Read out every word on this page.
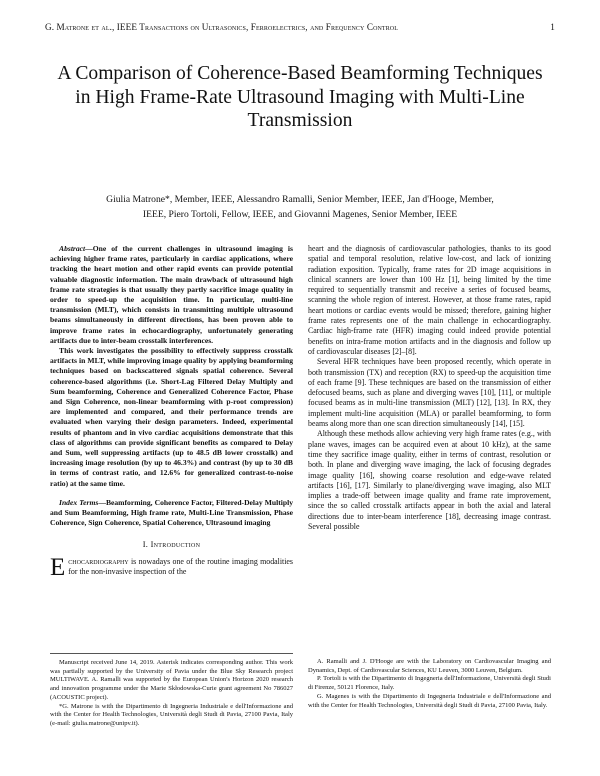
G. Matrone et al., IEEE Transactions on Ultrasonics, Ferroelectrics, and Frequency Control	1
A Comparison of Coherence-Based Beamforming Techniques in High Frame-Rate Ultrasound Imaging with Multi-Line Transmission
Giulia Matrone*, Member, IEEE, Alessandro Ramalli, Senior Member, IEEE, Jan d'Hooge, Member, IEEE, Piero Tortoli, Fellow, IEEE, and Giovanni Magenes, Senior Member, IEEE

Abstract—One of the current challenges in ultrasound imaging is achieving higher frame rates, particularly in cardiac applications, where tracking the heart motion and other rapid events can provide potential valuable diagnostic information. The main drawback of ultrasound high frame rate strategies is that usually they partly sacrifice image quality in order to speed-up the acquisition time. In particular, multi-line transmission (MLT), which consists in transmitting multiple ultrasound beams simultaneously in different directions, has been proven able to improve frame rates in echocardiography, unfortunately generating artifacts due to inter-beam crosstalk interferences.

This work investigates the possibility to effectively suppress crosstalk artifacts in MLT, while improving image quality by applying beamforming techniques based on backscattered signals spatial coherence. Several coherence-based algorithms (i.e. Short-Lag Filtered Delay Multiply and Sum beamforming, Coherence and Generalized Coherence Factor, Phase and Sign Coherence, non-linear beamforming with p-root compression) are implemented and compared, and their performance trends are evaluated when varying their design parameters. Indeed, experimental results of phantom and in vivo cardiac acquisitions demonstrate that this class of algorithms can provide significant benefits as compared to Delay and Sum, well suppressing artifacts (up to 48.5 dB lower crosstalk) and increasing image resolution (by up to 46.3%) and contrast (by up to 30 dB in terms of contrast ratio, and 12.6% for generalized contrast-to-noise ratio) at the same time.

Index Terms—Beamforming, Coherence Factor, Filtered-Delay Multiply and Sum Beamforming, High frame rate, Multi-Line Transmission, Phase Coherence, Sign Coherence, Spatial Coherence, Ultrasound imaging

I. Introduction

Echocardiography is nowadays one of the routine imaging modalities for the non-invasive inspection of the

heart and the diagnosis of cardiovascular pathologies, thanks to its good spatial and temporal resolution, relative low-cost, and lack of ionizing radiation exposition. Typically, frame rates for 2D image acquisitions in clinical scanners are lower than 100 Hz [1], being limited by the time required to sequentially transmit and receive a series of focused beams, scanning the whole region of interest. However, at those frame rates, rapid heart motions or cardiac events would be missed; therefore, gaining higher frame rates represents one of the main challenge in echocardiography. Cardiac high-frame rate (HFR) imaging could indeed provide potential benefits on intra-frame motion artifacts and in the diagnosis and follow up of cardiovascular diseases [2]–[8].

Several HFR techniques have been proposed recently, which operate in both transmission (TX) and reception (RX) to speed-up the acquisition time of each frame [9]. These techniques are based on the transmission of either defocused beams, such as plane and diverging waves [10], [11], or multiple focused beams as in multi-line transmission (MLT) [12], [13]. In RX, they implement multi-line acquisition (MLA) or parallel beamforming, to form beams along more than one scan direction simultaneously [14], [15].

Although these methods allow achieving very high frame rates (e.g., with plane waves, images can be acquired even at about 10 kHz), at the same time they sacrifice image quality, either in terms of contrast, resolution or both. In plane and diverging wave imaging, the lack of focusing degrades image quality [16], showing coarse resolution and edge-wave related artifacts [16], [17]. Similarly to plane/diverging wave imaging, also MLT implies a trade-off between image quality and frame rate improvement, since the so called crosstalk artifacts appear in both the axial and lateral directions due to inter-beam interference [18], decreasing image contrast. Several possible

Manuscript received June 14, 2019. Asterisk indicates corresponding author. This work was partially supported by the University of Pavia under the Blue Sky Research project MULTIWAVE. A. Ramalli was supported by the European Union's Horizon 2020 research and innovation programme under the Marie Skłodowska-Curie grant agreement No 786027 (ACOUSTIC project).

*G. Matrone is with the Dipartimento di Ingegneria Industriale e dell'Informazione and with the Center for Health Technologies, Università degli Studi di Pavia, 27100 Pavia, Italy (e-mail: giulia.matrone@unipv.it).

A. Ramalli and J. D'Hooge are with the Laboratory on Cardiovascular Imaging and Dynamics, Dept. of Cardiovascular Sciences, KU Leuven, 3000 Leuven, Belgium.

P. Tortoli is with the Dipartimento di Ingegneria dell'Informazione, Università degli Studi di Firenze, 50121 Florence, Italy.

G. Magenes is with the Dipartimento di Ingegneria Industriale e dell'Informazione and with the Center for Health Technologies, Università degli Studi di Pavia, 27100 Pavia, Italy.
